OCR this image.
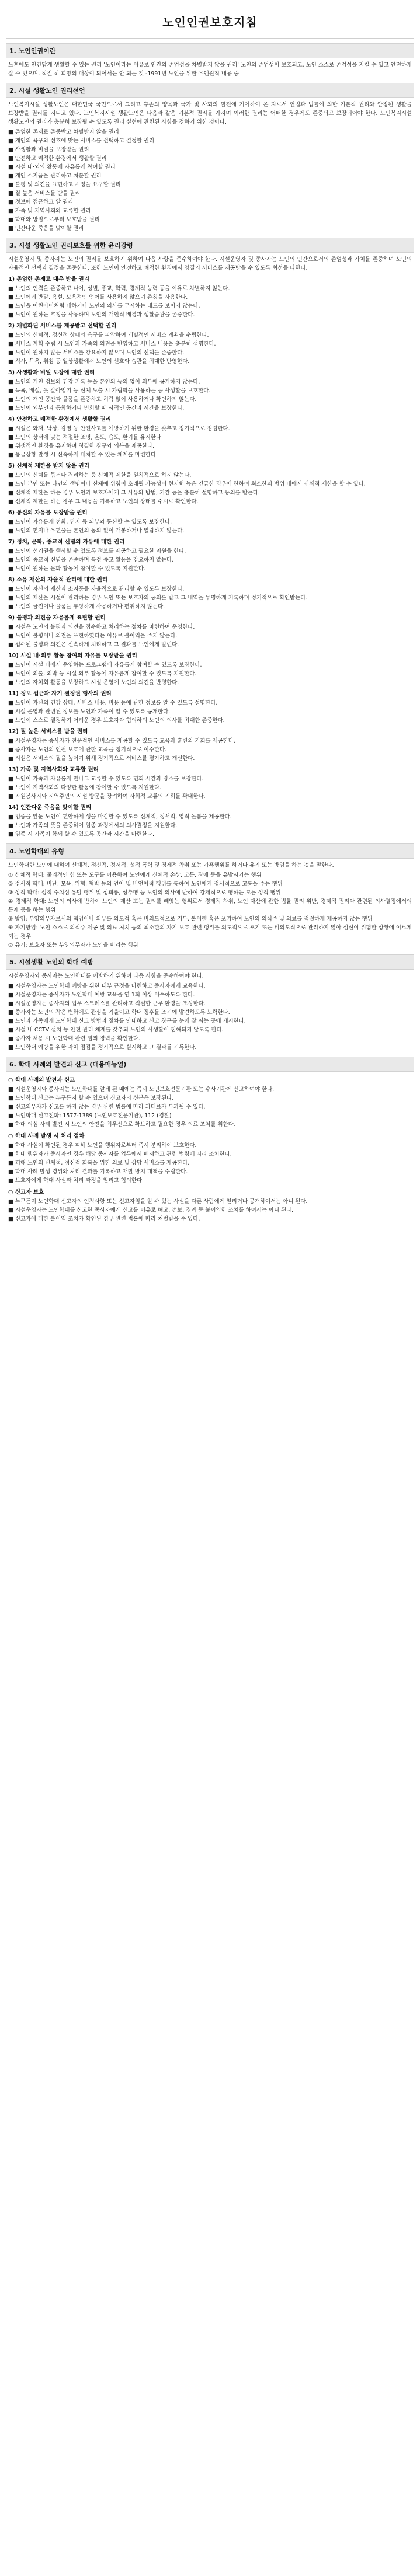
노인인권보호지침
1. 노인인권이란

노후에도 인간답게 생활할 수 있는 권리 '노인이라는 이유로 인간의 존엄성을 차별받지 않을 권리' 노인의 존엄성이 보호되고, 노인 스스로 존엄성을 지킬 수 있고 안전하게 살 수 있으며, 적절 히 희망의 대상이 되어서는 안 되는 것 -1991년 노인을 위한 유엔원칙 내용 중

2. 시설 생활노인 권리선언

노인복지시설 생활노인은 대한민국 국민으로서 그리고 후손의 양육과 국가 및 사회의 발전에 기여하여 온 자로서 헌법과 법률에 의한 기본적 권리와 안정된 생활을 보장받을 권리를 지니고 있다. 노인복지시설 생활노인은 다음과 같은 기본적 권리를 가지며 이러한 권리는 어떠한 경우에도 존중되고 보장되어야 한다. 노인복지시설 생활노인의 권리가 충분히 보장될 수 있도록 권리 실현에 관련된 사항을 정하기 위한 것이다.

■ 존엄한 존재로 존중받고 차별받지 않을 권리

■ 개인의 욕구와 선호에 맞는 서비스를 선택하고 결정할 권리

■ 사생활과 비밀을 보장받을 권리

■ 안전하고 쾌적한 환경에서 생활할 권리

■ 시설 내·외의 활동에 자유롭게 참여할 권리

■ 개인 소지품을 관리하고 처분할 권리

■ 불평 및 의견을 표현하고 시정을 요구할 권리

■ 질 높은 서비스를 받을 권리

■ 정보에 접근하고 알 권리

■ 가족 및 지역사회와 교류할 권리

■ 학대와 방임으로부터 보호받을 권리

■ 인간다운 죽음을 맞이할 권리

3. 시설 생활노인 권리보호를 위한 윤리강령

시설운영자 및 종사자는 노인의 권리를 보호하기 위하여 다음 사항을 준수하여야 한다. 시설운영자 및 종사자는 노인의 인간으로서의 존엄성과 가치를 존중하며 노인의 자율적인 선택과 결정을 존중한다. 또한 노인이 안전하고 쾌적한 환경에서 양질의 서비스를 제공받을 수 있도록 최선을 다한다.

1) 존엄한 존재로 대우 받을 권리

■ 노인의 인격을 존중하고 나이, 성별, 종교, 학력, 경제적 능력 등을 이유로 차별하지 않는다.

■ 노인에게 반말, 욕설, 모욕적인 언어를 사용하지 않으며 존칭을 사용한다.

■ 노인을 어린아이처럼 대하거나 노인의 의사를 무시하는 태도를 보이지 않는다.

■ 노인이 원하는 호칭을 사용하며 노인의 개인적 배경과 생활습관을 존중한다.

2) 개별화된 서비스를 제공받고 선택할 권리

■ 노인의 신체적, 정신적 상태와 욕구를 파악하여 개별적인 서비스 계획을 수립한다.

■ 서비스 계획 수립 시 노인과 가족의 의견을 반영하고 서비스 내용을 충분히 설명한다.

■ 노인이 원하지 않는 서비스를 강요하지 않으며 노인의 선택을 존중한다.

■ 식사, 목욕, 취침 등 일상생활에서 노인의 선호와 습관을 최대한 반영한다.

3) 사생활과 비밀 보장에 대한 권리

■ 노인의 개인 정보와 건강 기록 등을 본인의 동의 없이 외부에 공개하지 않는다.

■ 목욕, 배설, 옷 갈아입기 등 신체 노출 시 가림막을 사용하는 등 사생활을 보호한다.

■ 노인의 개인 공간과 물품을 존중하고 허락 없이 사용하거나 확인하지 않는다.

■ 노인이 외부인과 통화하거나 면회할 때 사적인 공간과 시간을 보장한다.

4) 안전하고 쾌적한 환경에서 생활할 권리

■ 시설은 화재, 낙상, 감염 등 안전사고를 예방하기 위한 환경을 갖추고 정기적으로 점검한다.

■ 노인의 상태에 맞는 적절한 조명, 온도, 습도, 환기를 유지한다.

■ 위생적인 환경을 유지하며 청결한 침구와 의복을 제공한다.

■ 응급상황 발생 시 신속하게 대처할 수 있는 체계를 마련한다.

5) 신체적 제한을 받지 않을 권리

■ 노인의 신체를 묶거나 격리하는 등 신체적 제한을 원칙적으로 하지 않는다.

■ 노인 본인 또는 타인의 생명이나 신체에 위험이 초래될 가능성이 현저히 높은 긴급한 경우에 한하여 최소한의 범위 내에서 신체적 제한을 할 수 있다.

■ 신체적 제한을 하는 경우 노인과 보호자에게 그 사유와 방법, 기간 등을 충분히 설명하고 동의를 받는다.

■ 신체적 제한을 하는 경우 그 내용을 기록하고 노인의 상태를 수시로 확인한다.

6) 통신의 자유를 보장받을 권리

■ 노인이 자유롭게 전화, 편지 등 외부와 통신할 수 있도록 보장한다.

■ 노인의 편지나 우편물을 본인의 동의 없이 개봉하거나 열람하지 않는다.

7) 정치, 문화, 종교적 신념의 자유에 대한 권리

■ 노인이 선거권을 행사할 수 있도록 정보를 제공하고 필요한 지원을 한다.

■ 노인의 종교적 신념을 존중하며 특정 종교 활동을 강요하지 않는다.

■ 노인이 원하는 문화 활동에 참여할 수 있도록 지원한다.

8) 소유 재산의 자율적 관리에 대한 권리

■ 노인이 자신의 재산과 소지품을 자율적으로 관리할 수 있도록 보장한다.

■ 노인의 재산을 시설이 관리하는 경우 노인 또는 보호자의 동의를 받고 그 내역을 투명하게 기록하며 정기적으로 확인받는다.

■ 노인의 금전이나 물품을 부당하게 사용하거나 편취하지 않는다.

9) 불평과 의견을 자유롭게 표현할 권리

■ 시설은 노인의 불평과 의견을 접수하고 처리하는 절차를 마련하여 운영한다.

■ 노인이 불평이나 의견을 표현하였다는 이유로 불이익을 주지 않는다.

■ 접수된 불평과 의견은 신속하게 처리하고 그 결과를 노인에게 알린다.

10) 시설 내·외부 활동 참여의 자유를 보장받을 권리

■ 노인이 시설 내에서 운영하는 프로그램에 자유롭게 참여할 수 있도록 보장한다.

■ 노인이 외출, 외박 등 시설 외부 활동에 자유롭게 참여할 수 있도록 지원한다.

■ 노인의 자치회 활동을 보장하고 시설 운영에 노인의 의견을 반영한다.

11) 정보 접근과 자기 결정권 행사의 권리

■ 노인이 자신의 건강 상태, 서비스 내용, 비용 등에 관한 정보를 알 수 있도록 설명한다.

■ 시설 운영과 관련된 정보를 노인과 가족이 알 수 있도록 공개한다.

■ 노인이 스스로 결정하기 어려운 경우 보호자와 협의하되 노인의 의사를 최대한 존중한다.

12) 질 높은 서비스를 받을 권리

■ 시설운영자는 종사자가 전문적인 서비스를 제공할 수 있도록 교육과 훈련의 기회를 제공한다.

■ 종사자는 노인의 인권 보호에 관한 교육을 정기적으로 이수한다.

■ 시설은 서비스의 질을 높이기 위해 정기적으로 서비스를 평가하고 개선한다.

13) 가족 및 지역사회와 교류할 권리

■ 노인이 가족과 자유롭게 만나고 교류할 수 있도록 면회 시간과 장소를 보장한다.

■ 노인이 지역사회의 다양한 활동에 참여할 수 있도록 지원한다.

■ 자원봉사자와 지역주민의 시설 방문을 장려하여 사회적 교류의 기회를 확대한다.

14) 인간다운 죽음을 맞이할 권리

■ 임종을 앞둔 노인이 편안하게 생을 마감할 수 있도록 신체적, 정서적, 영적 돌봄을 제공한다.

■ 노인과 가족의 뜻을 존중하여 임종 과정에서의 의사결정을 지원한다.

■ 임종 시 가족이 함께 할 수 있도록 공간과 시간을 마련한다.

4. 노인학대의 유형

노인학대란 노인에 대하여 신체적, 정신적, 정서적, 성적 폭력 및 경제적 착취 또는 가혹행위를 하거나 유기 또는 방임을 하는 것을 말한다.

① 신체적 학대: 물리적인 힘 또는 도구를 이용하여 노인에게 신체적 손상, 고통, 장애 등을 유발시키는 행위

② 정서적 학대: 비난, 모욕, 위협, 협박 등의 언어 및 비언어적 행위를 통하여 노인에게 정서적으로 고통을 주는 행위

③ 성적 학대: 성적 수치심 유발 행위 및 성희롱, 성추행 등 노인의 의사에 반하여 강제적으로 행하는 모든 성적 행위

④ 경제적 학대: 노인의 의사에 반하여 노인의 재산 또는 권리를 빼앗는 행위로서 경제적 착취, 노인 재산에 관한 법률 권리 위반, 경제적 권리와 관련된 의사결정에서의 통제 등을 하는 행위

⑤ 방임: 부양의무자로서의 책임이나 의무를 의도적 혹은 비의도적으로 거부, 불이행 혹은 포기하여 노인의 의식주 및 의료를 적절하게 제공하지 않는 행위

⑥ 자기방임: 노인 스스로 의식주 제공 및 의료 처치 등의 최소한의 자기 보호 관련 행위를 의도적으로 포기 또는 비의도적으로 관리하지 않아 심신이 위험한 상황에 이르게 되는 경우

⑦ 유기: 보호자 또는 부양의무자가 노인을 버리는 행위

5. 시설생활 노인의 학대 예방

시설운영자와 종사자는 노인학대를 예방하기 위하여 다음 사항을 준수하여야 한다.

■ 시설운영자는 노인학대 예방을 위한 내부 규정을 마련하고 종사자에게 교육한다.

■ 시설운영자는 종사자가 노인학대 예방 교육을 연 1회 이상 이수하도록 한다.

■ 시설운영자는 종사자의 업무 스트레스를 관리하고 적절한 근무 환경을 조성한다.

■ 종사자는 노인의 작은 변화에도 관심을 기울이고 학대 징후를 조기에 발견하도록 노력한다.

■ 노인과 가족에게 노인학대 신고 방법과 절차를 안내하고 신고 창구를 눈에 잘 띄는 곳에 게시한다.

■ 시설 내 CCTV 설치 등 안전 관리 체계를 갖추되 노인의 사생활이 침해되지 않도록 한다.

■ 종사자 채용 시 노인학대 관련 범죄 경력을 확인한다.

■ 노인학대 예방을 위한 자체 점검을 정기적으로 실시하고 그 결과를 기록한다.

6. 학대 사례의 발견과 신고 (대응매뉴얼)
○ 학대 사례의 발견과 신고

■ 시설운영자와 종사자는 노인학대를 알게 된 때에는 즉시 노인보호전문기관 또는 수사기관에 신고하여야 한다.

■ 노인학대 신고는 누구든지 할 수 있으며 신고자의 신분은 보장된다.

■ 신고의무자가 신고를 하지 않는 경우 관련 법률에 따라 과태료가 부과될 수 있다.

■ 노인학대 신고전화: 1577-1389 (노인보호전문기관), 112 (경찰)

■ 학대 의심 사례 발견 시 노인의 안전을 최우선으로 확보하고 필요한 경우 의료 조치를 취한다.

○ 학대 사례 발생 시 처리 절차

■ 학대 사실이 확인된 경우 피해 노인을 행위자로부터 즉시 분리하여 보호한다.

■ 학대 행위자가 종사자인 경우 해당 종사자를 업무에서 배제하고 관련 법령에 따라 조치한다.

■ 피해 노인의 신체적, 정신적 회복을 위한 의료 및 상담 서비스를 제공한다.

■ 학대 사례 발생 경위와 처리 결과를 기록하고 재발 방지 대책을 수립한다.

■ 보호자에게 학대 사실과 처리 과정을 알리고 협의한다.

○ 신고자 보호

■ 누구든지 노인학대 신고자의 인적사항 또는 신고자임을 알 수 있는 사실을 다른 사람에게 알리거나 공개하여서는 아니 된다.

■ 시설운영자는 노인학대를 신고한 종사자에게 신고를 이유로 해고, 전보, 징계 등 불이익한 조치를 하여서는 아니 된다.

■ 신고자에 대한 불이익 조치가 확인된 경우 관련 법률에 따라 처벌받을 수 있다.
